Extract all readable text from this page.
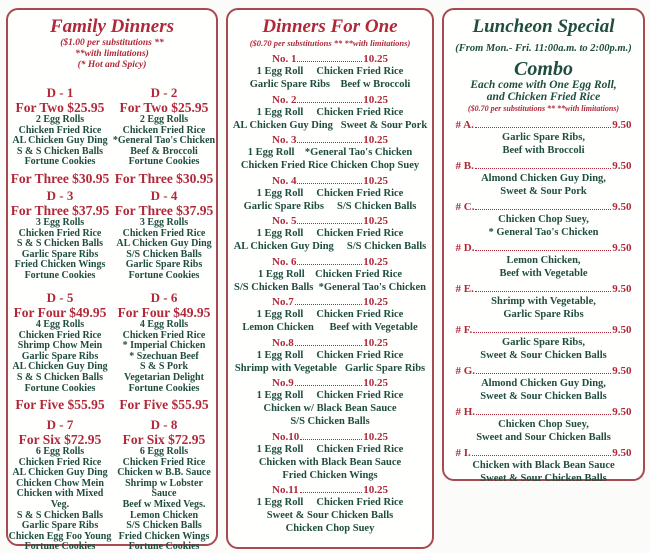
Family Dinners
($1.00 per substitutions **
**with limitations)
(* Hot and Spicy)
D - 1
For Two $25.95
2 Egg Rolls
Chicken Fried Rice
AL Chicken Guy Ding
S & S Chicken Balls
Fortune Cookies
For Three $30.95
D - 2
For Two $25.95
2 Egg Rolls
Chicken Fried Rice
*General Tao's Chicken
Beef & Broccoli
Fortune Cookies
For Three $30.95
D - 3
For Three $37.95
3 Egg Rolls
Chicken Fried Rice
S & S Chicken Balls
Garlic Spare Ribs
Fried Chicken Wings
Fortune Cookies
D - 4
For Three $37.95
3 Egg Rolls
Chicken Fried Rice
AL Chicken Guy Ding
S/S Chicken Balls
Garlic Spare Ribs
Fortune Cookies
D - 5
For Four $49.95
4 Egg Rolls
Chicken Fried Rice
Shrimp Chow Mein
Garlic Spare Ribs
AL Chicken Guy Ding
S & S Chicken Balls
Fortune Cookies
For Five $55.95
D - 6
For Four $49.95
4 Egg Rolls
Chicken Fried Rice
* Imperial Chicken
* Szechuan Beef
S & S Pork
Vegetarian Delight
Fortune Cookies
For Five $55.95
D - 7
For Six $72.95
6 Egg Rolls
Chicken Fried Rice
AL Chicken Guy Ding
Chicken Chow Mein
Chicken with Mixed Veg.
S & S Chicken Balls
Garlic Spare Ribs
Chicken Egg Foo Young
Fortune Cookies
D - 8
For Six $72.95
6 Egg Rolls
Chicken Fried Rice
Chicken w B.B. Sauce
Shrimp w Lobster Sauce
Beef w Mixed Vegs.
Lemon Chicken
S/S Chicken Balls
Fried Chicken Wings
Fortune Cookies
Dinners For One
($0.70 per substitutions ** **with limitations)
No. 1	10.25
1 Egg Roll     Chicken Fried Rice
Garlic Spare Ribs    Beef w Broccoli
No. 2	10.25
1 Egg Roll     Chicken Fried Rice
AL Chicken Guy Ding   Sweet & Sour Pork
No. 3	10.25
1 Egg Roll    *General Tao's Chicken
Chicken Fried Rice Chicken Chop Suey
No. 4	10.25
1 Egg Roll     Chicken Fried Rice
Garlic Spare Ribs     S/S Chicken Balls
No. 5	10.25
1 Egg Roll     Chicken Fried Rice
AL Chicken Guy Ding     S/S Chicken Balls
No. 6	10.25
1 Egg Roll    Chicken Fried Rice
S/S Chicken Balls  *General Tao's Chicken
No.7	10.25
1 Egg Roll     Chicken Fried Rice
Lemon Chicken      Beef with Vegetable
No.8	10.25
1 Egg Roll     Chicken Fried Rice
Shrimp with Vegetable   Garlic Spare Ribs
No.9	10.25
1 Egg Roll     Chicken Fried Rice
Chicken w/ Black Bean Sauce
S/S Chicken Balls
No.10	10.25
1 Egg Roll     Chicken Fried Rice
Chicken with Black Bean Sauce
Fried Chicken Wings
No.11	10.25
1 Egg Roll     Chicken Fried Rice
Sweet & Sour Chicken Balls
Chicken Chop Suey
Luncheon Special
(From Mon.- Fri. 11:00a.m. to 2:00p.m.)
Combo
Each come with One Egg Roll,
and Chicken Fried Rice
($0.70 per substitutions ** **with limitations)
# A.	9.50
Garlic Spare Ribs,
Beef with Broccoli
# B.	9.50
Almond Chicken Guy Ding,
Sweet & Sour Pork
# C.	9.50
Chicken Chop Suey,
* General Tao's Chicken
# D.	9.50
Lemon Chicken,
Beef with Vegetable
# E.	9.50
Shrimp with Vegetable,
Garlic Spare Ribs
# F.	9.50
Garlic Spare Ribs,
Sweet & Sour Chicken Balls
# G.	9.50
Almond Chicken Guy Ding,
Sweet & Sour Chicken Balls
# H.	9.50
Chicken Chop Suey,
Sweet and Sour Chicken Balls
# I.	9.50
Chicken with Black Bean Sauce
Sweet & Sour Chicken Balls
